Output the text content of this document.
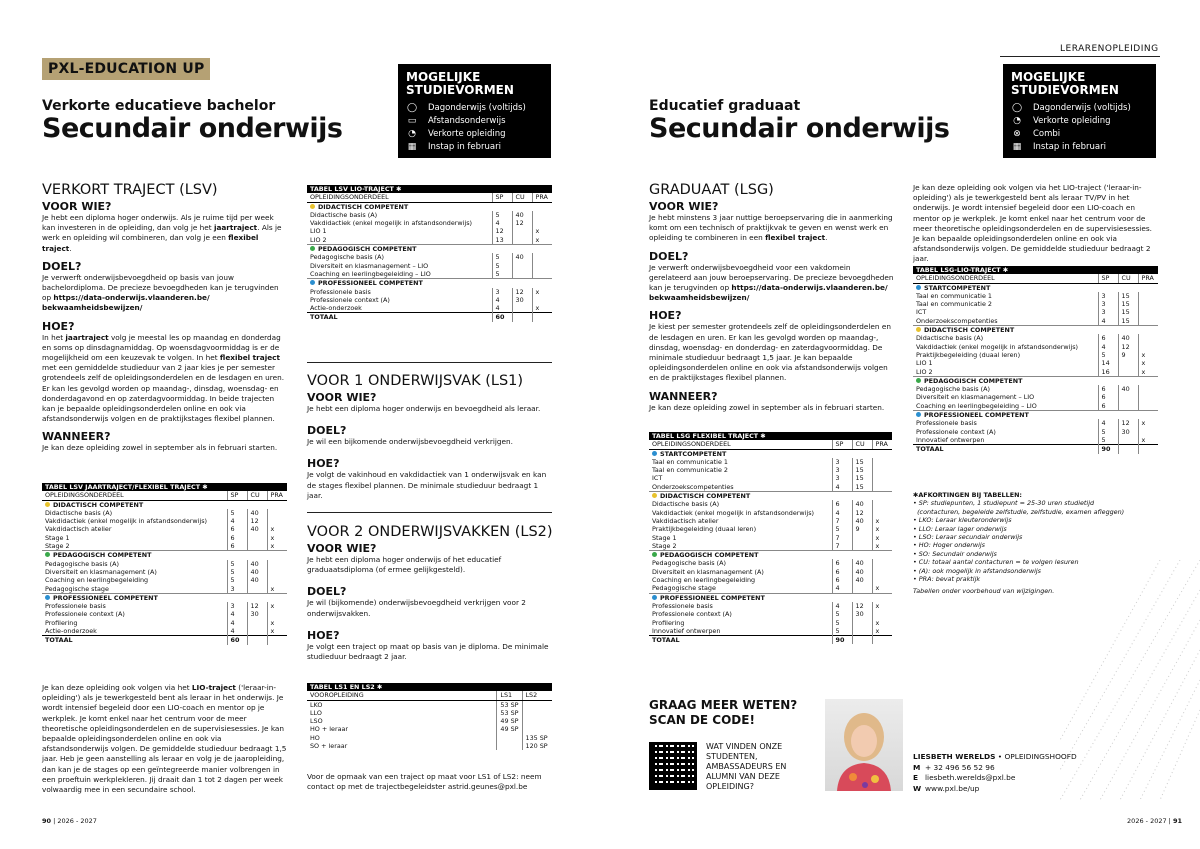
PXL-EDUCATION UP
Verkorte educatieve bachelor
Secundair onderwijs
MOGELIJKE
STUDIEVORMEN
◯ Dagonderwijs (voltijds)
▭ Afstandsonderwijs
◔ Verkorte opleiding
▦ Instap in februari
VERKORT TRAJECT (LSV)
VOOR WIE?
Je hebt een diploma hoger onderwijs. Als je ruime tijd per week kan investeren in de opleiding, dan volg je het jaartraject. Als je werk en opleiding wil combineren, dan volg je een flexibel traject.
DOEL?
Je verwerft onderwijsbevoegdheid op basis van jouw bachelordiploma. De precieze bevoegdheden kan je terugvinden op https://data-onderwijs.vlaanderen.be/ bekwaamheidsbewijzen/
HOE?
In het jaartraject volg je meestal les op maandag en donderdag en soms op dinsdagnamiddag. Op woensdagvoormiddag is er de mogelijkheid om een keuzevak te volgen. In het flexibel traject met een gemiddelde studieduur van 2 jaar kies je per semester grotendeels zelf de opleidingsonderdelen en de lesdagen en uren. Er kan les gevolgd worden op maandag-, dinsdag, woensdag- en donderdagavond en op zaterdagvoormiddag. In beide trajecten kan je bepaalde opleidingsonderdelen online en ook via afstandsonderwijs volgen en de praktijkstages flexibel plannen.
WANNEER?
Je kan deze opleiding zowel in september als in februari starten.
TABEL LSV JAARTRAJECT/FLEXIBEL TRAJECT ✱			
OPLEIDINGSONDERDEEL	SP	CU	PRA
DIDACTISCH COMPETENT			
Didactische basis (A)	5	40	
Vakdidactiek (enkel mogelijk in afstandsonderwijs)	4	12	
Vakdidactisch atelier	6	40	x
Stage 1	6		x
Stage 2	6		x
PEDAGOGISCH COMPETENT			
Pedagogische basis (A)	5	40	
Diversiteit en klasmanagement (A)	5	40	
Coaching en leerlingbegeleiding	5	40	
Pedagogische stage	3		x
PROFESSIONEEL COMPETENT			
Professionele basis	3	12	x
Professionele context (A)	4	30	
Profilering	4		x
Actie-onderzoek	4		x
TOTAAL	60		
Je kan deze opleiding ook volgen via het LIO-traject ('leraar-in-opleiding') als je tewerkgesteld bent als leraar in het onderwijs. Je wordt intensief begeleid door een LIO-coach en mentor op je werkplek. Je komt enkel naar het centrum voor de meer theoretische opleidingsonderdelen en de supervisiesessies. Je kan bepaalde opleidingsonderdelen online en ook via afstandsonderwijs volgen. De gemiddelde studieduur bedraagt 1,5 jaar. Heb je geen aanstelling als leraar en volg je de jaaropleiding, dan kan je de stages op een geïntegreerde manier volbrengen in een proeftuin werkplekleren. Jij draait dan 1 tot 2 dagen per week volwaardig mee in een secundaire school.
TABEL LSV LIO-TRAJECT ✱			
OPLEIDINGSONDERDEEL	SP	CU	PRA
DIDACTISCH COMPETENT			
Didactische basis (A)	5	40	
Vakdidactiek (enkel mogelijk in afstandsonderwijs)	4	12	
LIO 1	12		x
LIO 2	13		x
PEDAGOGISCH COMPETENT			
Pedagogische basis (A)	5	40	
Diversiteit en klasmanagement – LIO	5		
Coaching en leerlingbegeleiding – LIO	5		
PROFESSIONEEL COMPETENT			
Professionele basis	3	12	x
Professionele context (A)	4	30	
Actie-onderzoek	4		x
TOTAAL	60		
VOOR 1 ONDERWIJSVAK (LS1)
VOOR WIE?
Je hebt een diploma hoger onderwijs en bevoegdheid als leraar.
DOEL?
Je wil een bijkomende onderwijsbevoegdheid verkrijgen.
HOE?
Je volgt de vakinhoud en vakdidactiek van 1 onderwijsvak en kan de stages flexibel plannen. De minimale studieduur bedraagt 1 jaar.
VOOR 2 ONDERWIJSVAKKEN (LS2)
VOOR WIE?
Je hebt een diploma hoger onderwijs of het educatief graduaatsdiploma (of ermee gelijkgesteld).
DOEL?
Je wil (bijkomende) onderwijsbevoegdheid verkrijgen voor 2 onderwijsvakken.
HOE?
Je volgt een traject op maat op basis van je diploma. De minimale studieduur bedraagt 2 jaar.
TABEL LS1 EN LS2 ✱		
VOOROPLEIDING	LS1	LS2
LKO	53 SP	
LLO	53 SP	
LSO	49 SP	
HO + leraar	49 SP	
HO		135 SP
SO + leraar		120 SP
Voor de opmaak van een traject op maat voor LS1 of LS2: neem contact op met de trajectbegeleidster astrid.geunes@pxl.be
90 | 2026 - 2027
LERARENOPLEIDING
Educatief graduaat
Secundair onderwijs
MOGELIJKE
STUDIEVORMEN
◯ Dagonderwijs (voltijds)
◔ Verkorte opleiding
⊗ Combi
▦ Instap in februari
GRADUAAT (LSG)
VOOR WIE?
Je hebt minstens 3 jaar nuttige beroepservaring die in aanmerking komt om een technisch of praktijkvak te geven en wenst werk en opleiding te combineren in een flexibel traject.
DOEL?
Je verwerft onderwijsbevoegdheid voor een vakdomein gerelateerd aan jouw beroepservaring. De precieze bevoegdheden kan je terugvinden op https://data-onderwijs.vlaanderen.be/ bekwaamheidsbewijzen/
HOE?
Je kiest per semester grotendeels zelf de opleidingsonderdelen en de lesdagen en uren. Er kan les gevolgd worden op maandag-, dinsdag, woensdag- en donderdag- en zaterdagvoormiddag. De minimale studieduur bedraagt 1,5 jaar. Je kan bepaalde opleidingsonderdelen online en ook via afstandsonderwijs volgen en de praktijkstages flexibel plannen.
WANNEER?
Je kan deze opleiding zowel in september als in februari starten.
TABEL LSG FLEXIBEL TRAJECT ✱			
OPLEIDINGSONDERDEEL	SP	CU	PRA
STARTCOMPETENT			
Taal en communicatie 1	3	15	
Taal en communicatie 2	3	15	
ICT	3	15	
Onderzoekscompetenties	4	15	
DIDACTISCH COMPETENT			
Didactische basis (A)	6	40	
Vakdidactiek (enkel mogelijk in afstandsonderwijs)	4	12	
Vakdidactisch atelier	7	40	x
Praktijkbegeleiding (duaal leren)	5	9	x
Stage 1	7		x
Stage 2	7		x
PEDAGOGISCH COMPETENT			
Pedagogische basis (A)	6	40	
Diversiteit en klasmanagement (A)	6	40	
Coaching en leerlingbegeleiding	6	40	
Pedagogische stage	4		x
PROFESSIONEEL COMPETENT			
Professionele basis	4	12	x
Professionele context (A)	5	30	
Profilering	5		x
Innovatief ontwerpen	5		x
TOTAAL	90		
GRAAG MEER WETEN?
SCAN DE CODE!
WAT VINDEN ONZE STUDENTEN, AMBASSADEURS EN ALUMNI VAN DEZE OPLEIDING?
Je kan deze opleiding ook volgen via het LIO-traject ('leraar-in-opleiding') als je tewerkgesteld bent als leraar TV/PV in het onderwijs. Je wordt intensief begeleid door een LIO-coach en mentor op je werkplek. Je komt enkel naar het centrum voor de meer theoretische opleidingsonderdelen en de supervisiesessies. Je kan bepaalde opleidingsonderdelen online en ook via afstandsonderwijs volgen. De gemiddelde studieduur bedraagt 2 jaar.
TABEL LSG-LIO-TRAJECT ✱			
OPLEIDINGSONDERDEEL	SP	CU	PRA
STARTCOMPETENT			
Taal en communicatie 1	3	15	
Taal en communicatie 2	3	15	
ICT	3	15	
Onderzoekscompetenties	4	15	
DIDACTISCH COMPETENT			
Didactische basis (A)	6	40	
Vakdidactiek (enkel mogelijk in afstandsonderwijs)	4	12	
Praktijkbegeleiding (duaal leren)	5	9	x
LIO 1	14		x
LIO 2	16		x
PEDAGOGISCH COMPETENT			
Pedagogische basis (A)	6	40	
Diversiteit en klasmanagement – LIO	6		
Coaching en leerlingbegeleiding – LIO	6		
PROFESSIONEEL COMPETENT			
Professionele basis	4	12	x
Professionele context (A)	5	30	
Innovatief ontwerpen	5		x
TOTAAL	90		
✱AFKORTINGEN BIJ TABELLEN:
• SP: studiepunten, 1 studiepunt = 25-30 uren studietijd
(contacturen, begeleide zelfstudie, zelfstudie, examen afleggen)
• LKO: Leraar kleuteronderwijs
• LLO: Leraar lager onderwijs
• LSO: Leraar secundair onderwijs
• HO: Hoger onderwijs
• SO: Secundair onderwijs
• CU: totaal aantal contacturen = te volgen lesuren
• (A): ook mogelijk in afstandsonderwijs
• PRA: bevat praktijk
Tabellen onder voorbehoud van wijzigingen.
LIESBETH WERELDS • OPLEIDINGSHOOFD
M + 32 496 56 52 96
E liesbeth.werelds@pxl.be
W www.pxl.be/up
2026 - 2027 | 91
